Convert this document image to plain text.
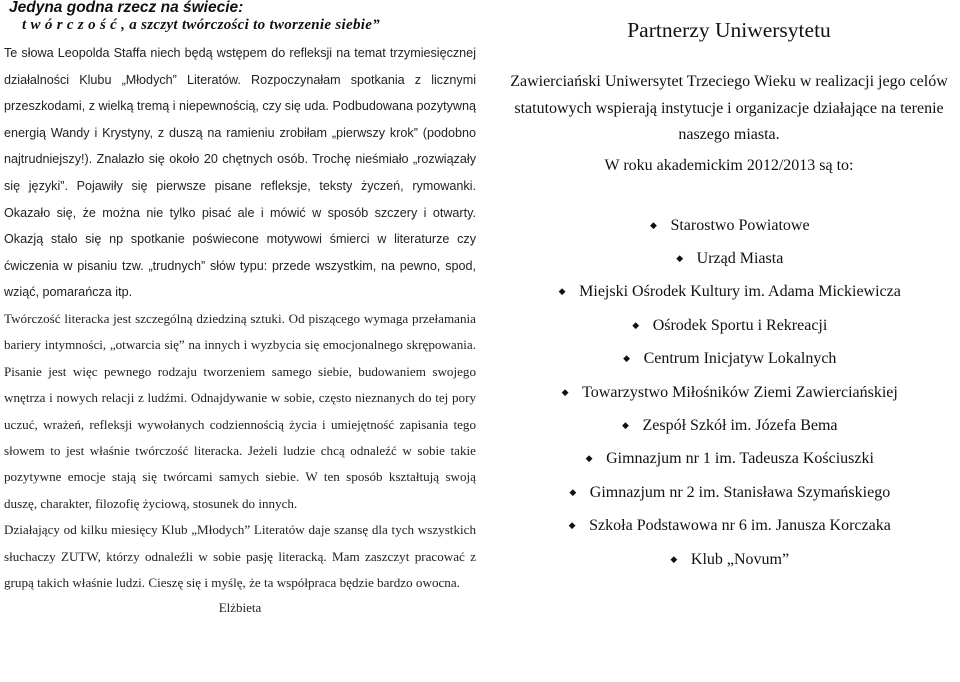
Jedyna godna rzecz na świecie:
t w ó r c z o ś ć , a szczyt twórczości to tworzenie siebie”

Te słowa Leopolda Staffa niech będą wstępem do refleksji na temat trzymiesięcznej działalności Klubu „Młodych” Literatów. Rozpoczynałam spotkania z licznymi przeszkodami, z wielką tremą i niepewnością, czy się uda. Podbudowana pozytywną energią Wandy i Krystyny, z duszą na ramieniu zrobiłam „pierwszy krok” (podobno najtrudniejszy!). Znalazło się około 20 chętnych osób. Trochę nieśmiało „rozwiązały się języki”. Pojawiły się pierwsze pisane refleksje, teksty życzeń, rymowanki. Okazało się, że można nie tylko pisać ale i mówić w sposób szczery i otwarty. Okazją stało się np spotkanie poświecone motywowi śmierci w literaturze czy ćwiczenia w pisaniu tzw. „trudnych” słów typu: przede wszystkim, na pewno, spod, wziąć, pomarańcza itp.

Twórczość literacka jest szczególną dziedziną sztuki. Od piszącego wymaga przełamania bariery intymności, „otwarcia się” na innych i wyzbycia się emocjonalnego skrępowania. Pisanie jest więc pewnego rodzaju tworzeniem samego siebie, budowaniem swojego wnętrza i nowych relacji z ludźmi. Odnajdywanie w sobie, często nieznanych do tej pory uczuć, wrażeń, refleksji wywołanych codziennością życia i umiejętność zapisania tego słowem to jest właśnie twórczość literacka. Jeżeli ludzie chcą odnaleźć w sobie takie pozytywne emocje stają się twórcami samych siebie. W ten sposób kształtują swoją duszę, charakter, filozofię życiową, stosunek do innych.

Działający od kilku miesięcy Klub „Młodych” Literatów daje szansę dla tych wszystkich słuchaczy ZUTW, którzy odnaleźli w sobie pasję literacką. Mam zaszczyt pracować z grupą takich właśnie ludzi. Cieszę się i myślę, że ta współpraca będzie bardzo owocna.

Elżbieta
Partnerzy Uniwersytetu

Zawierciański Uniwersytet Trzeciego Wieku w realizacji jego celów statutowych wspierają instytucje i organizacje działające na terenie naszego miasta.

W roku akademickim 2012/2013 są to:

◆ Starostwo Powiatowe
◆ Urząd Miasta
◆ Miejski Ośrodek Kultury im. Adama Mickiewicza
◆ Ośrodek Sportu i Rekreacji
◆ Centrum Inicjatyw Lokalnych
◆ Towarzystwo Miłośników Ziemi Zawierciańskiej
◆ Zespół Szkół im. Józefa Bema
◆ Gimnazjum nr 1 im. Tadeusza Kościuszki
◆ Gimnazjum nr 2 im. Stanisława Szymańskiego
◆ Szkoła Podstawowa nr 6 im. Janusza Korczaka
◆ Klub „Novum”
